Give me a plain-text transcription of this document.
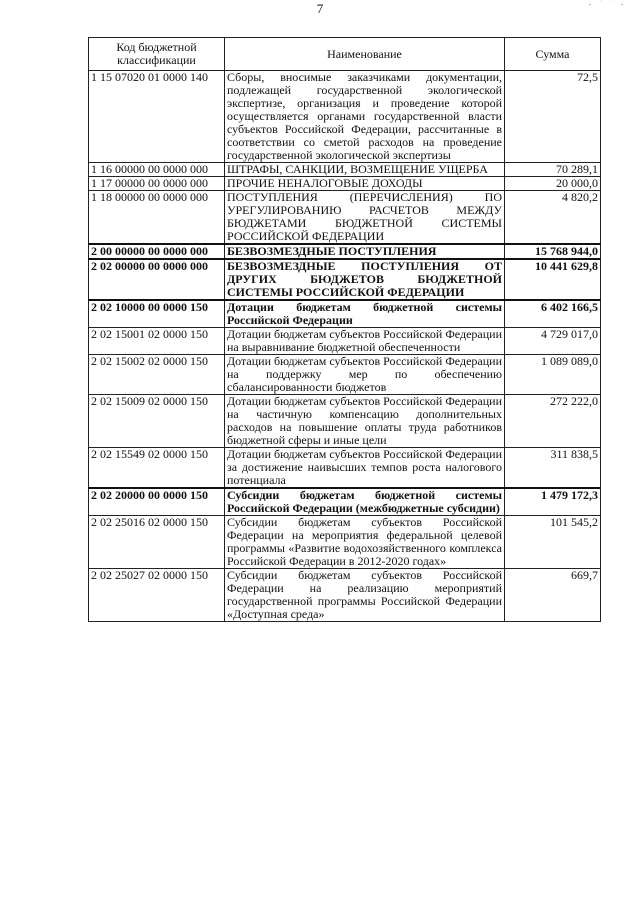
7	· ⌒ ·
Код бюджетной классификации	Наименование	Сумма
1 15 07020 01 0000 140	Сборы, вносимые заказчиками документации, подлежащей государственной экологической экспертизе, организация и проведение которой осуществляется органами государственной власти субъектов Российской Федерации, рассчитанные в соответствии со сметой расходов на проведение государственной экологической экспертизы	72,5
1 16 00000 00 0000 000	ШТРАФЫ, САНКЦИИ, ВОЗМЕЩЕНИЕ УЩЕРБА	70 289,1
1 17 00000 00 0000 000	ПРОЧИЕ НЕНАЛОГОВЫЕ ДОХОДЫ	20 000,0
1 18 00000 00 0000 000	ПОСТУПЛЕНИЯ (ПЕРЕЧИСЛЕНИЯ) ПО УРЕГУЛИРОВАНИЮ РАСЧЕТОВ МЕЖДУ БЮДЖЕТАМИ БЮДЖЕТНОЙ СИСТЕМЫ РОССИЙСКОЙ ФЕДЕРАЦИИ	4 820,2
2 00 00000 00 0000 000	БЕЗВОЗМЕЗДНЫЕ ПОСТУПЛЕНИЯ	15 768 944,0
2 02 00000 00 0000 000	БЕЗВОЗМЕЗДНЫЕ ПОСТУПЛЕНИЯ ОТ ДРУГИХ БЮДЖЕТОВ БЮДЖЕТНОЙ СИСТЕМЫ РОССИЙСКОЙ ФЕДЕРАЦИИ	10 441 629,8
2 02 10000 00 0000 150	Дотации бюджетам бюджетной системы Российской Федерации	6 402 166,5
2 02 15001 02 0000 150	Дотации бюджетам субъектов Российской Федерации на выравнивание бюджетной обеспеченности	4 729 017,0
2 02 15002 02 0000 150	Дотации бюджетам субъектов Российской Федерации на поддержку мер по обеспечению сбалансированности бюджетов	1 089 089,0
2 02 15009 02 0000 150	Дотации бюджетам субъектов Российской Федерации на частичную компенсацию дополнительных расходов на повышение оплаты труда работников бюджетной сферы и иные цели	272 222,0
2 02 15549 02 0000 150	Дотации бюджетам субъектов Российской Федерации за достижение наивысших темпов роста налогового потенциала	311 838,5
2 02 20000 00 0000 150	Субсидии бюджетам бюджетной системы Российской Федерации (межбюджетные субсидии)	1 479 172,3
2 02 25016 02 0000 150	Субсидии бюджетам субъектов Российской Федерации на мероприятия федеральной целевой программы «Развитие водохозяйственного комплекса Российской Федерации в 2012-2020 годах»	101 545,2
2 02 25027 02 0000 150	Субсидии бюджетам субъектов Российской Федерации на реализацию мероприятий государственной программы Российской Федерации «Доступная среда»	669,7
